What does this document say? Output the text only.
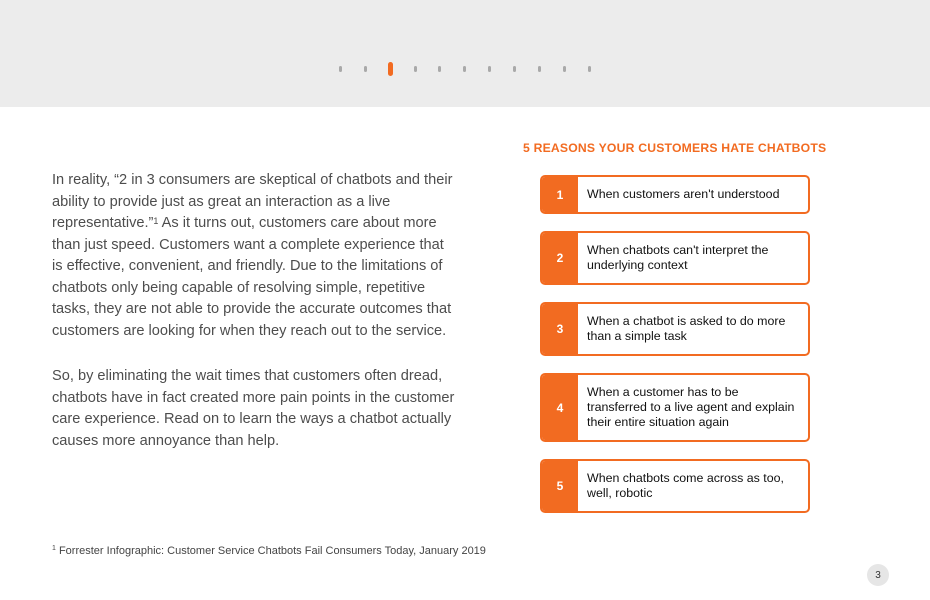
In reality, “2 in 3 consumers are skeptical of chatbots and their ability to provide just as great an interaction as a live representative.”$^1$ As it turns out, customers care about more than just speed. Customers want a complete experience that is effective, convenient, and friendly. Due to the limitations of chatbots only being capable of resolving simple, repetitive tasks, they are not able to provide the accurate outcomes that customers are looking for when they reach out to the service.

So, by eliminating the wait times that customers often dread, chatbots have in fact created more pain points in the customer care experience. Read on to learn the ways a chatbot actually causes more annoyance than help.

5 REASONS YOUR CUSTOMERS HATE CHATBOTS
1	When customers aren't understood
2
When chatbots can't interpret the underlying context
3
When a chatbot is asked to do more than a simple task
4
When a customer has to be transferred to a live agent and explain their entire situation again
5
When chatbots come across as too, well, robotic
$^1$ Forrester Infographic: Customer Service Chatbots Fail Consumers Today, January 2019
3
